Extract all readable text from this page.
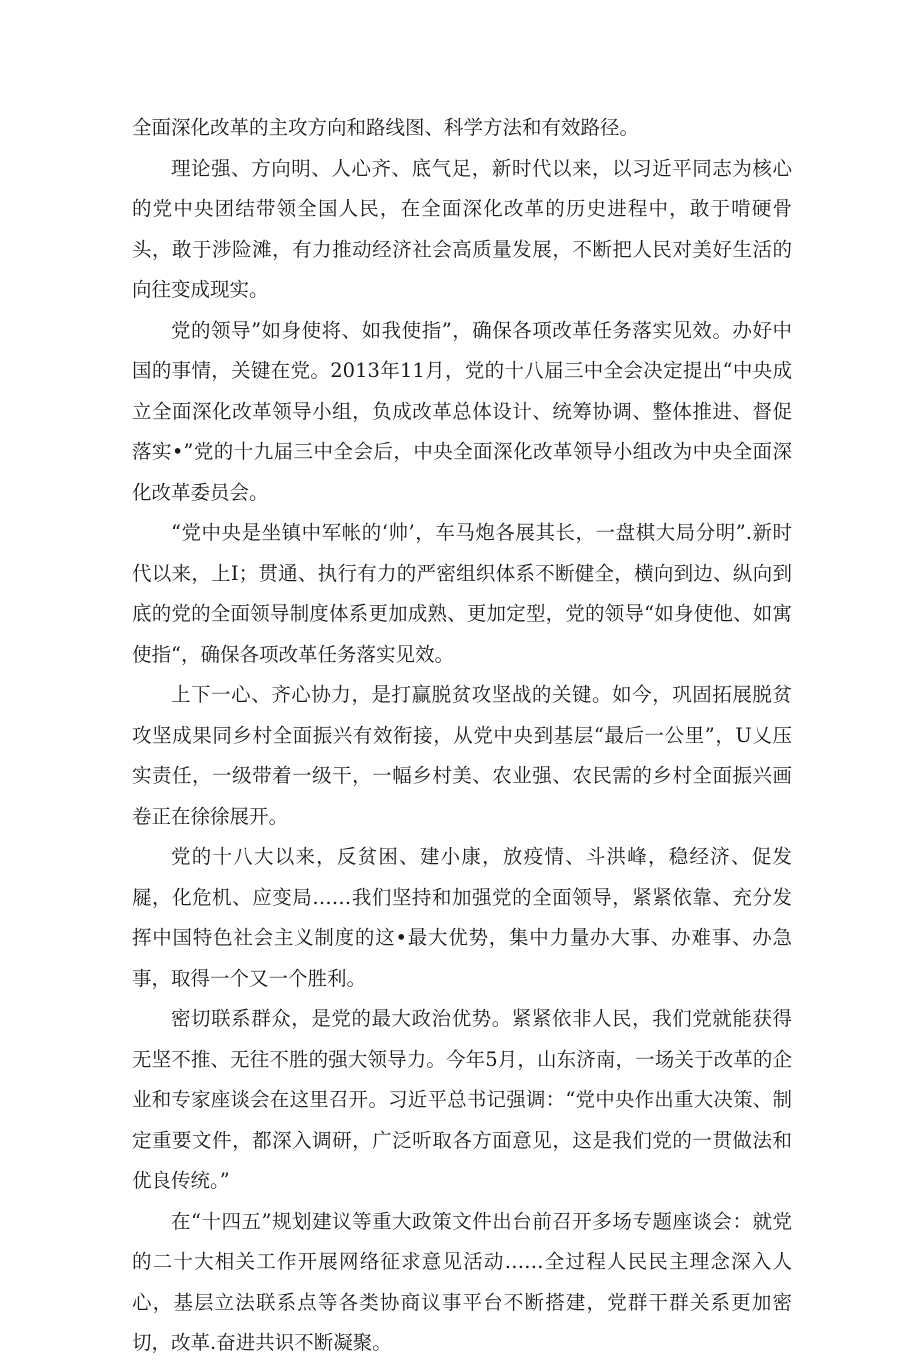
全面深化改革的主攻方向和路线图、科学方法和有效路径。

理论强、方向明、人心齐、底气足，新时代以来，以习近平同志为核心的党中央团结带领全国人民，在全面深化改革的历史进程中，敢于啃硬骨头，敢于涉险滩，有力推动经济社会高质量发展，不断把人民对美好生活的向往变成现实。

党的领导”如身使将、如我使指”，确保各项改革任务落实见效。办好中国的事情，关键在党。2013年11月，党的十八届三中全会决定提出“中央成立全面深化改革领导小组，负成改革总体设计、统筹协调、整体推进、督促落实•”党的十九届三中全会后，中央全面深化改革领导小组改为中央全面深化改革委员会。

“党中央是坐镇中军帐的‘帅’，车马炮各展其长，一盘棋大局分明”.新时代以来，上I；贯通、执行有力的严密组织体系不断健全，横向到边、纵向到底的党的全面领导制度体系更加成熟、更加定型，党的领导“如身使他、如寓使指“，确保各项改革任务落实见效。

上下一心、齐心协力，是打赢脱贫攻坚战的关键。如今，巩固拓展脱贫攻坚成果同乡村全面振兴有效衔接，从党中央到基层“最后一公里”，U乂压实责任，一级带着一级干，一幅乡村美、农业强、农民需的乡村全面振兴画卷正在徐徐展开。

党的十八大以来，反贫困、建小康，放疫情、斗洪峰，稳经济、促发屣，化危机、应变局……我们坚持和加强党的全面领导，紧紧依靠、充分发挥中国特色社会主义制度的这•最大优势，集中力量办大事、办难事、办急事，取得一个又一个胜利。

密切联系群众，是党的最大政治优势。紧紧依非人民，我们党就能获得无坚不推、无往不胜的强大领导力。今年5月，山东济南，一场关于改革的企业和专家座谈会在这里召开。习近平总书记强调：“党中央作出重大决策、制定重要文件，都深入调研，广泛听取各方面意见，这是我们党的一贯做法和优良传统。”

在“十四五”规划建议等重大政策文件出台前召开多场专题座谈会：就党的二十大相关工作开展网络征求意见活动……全过程人民民主理念深入人心，基层立法联系点等各类协商议事平台不断搭建，党群干群关系更加密切，改革.奋进共识不断凝聚。
